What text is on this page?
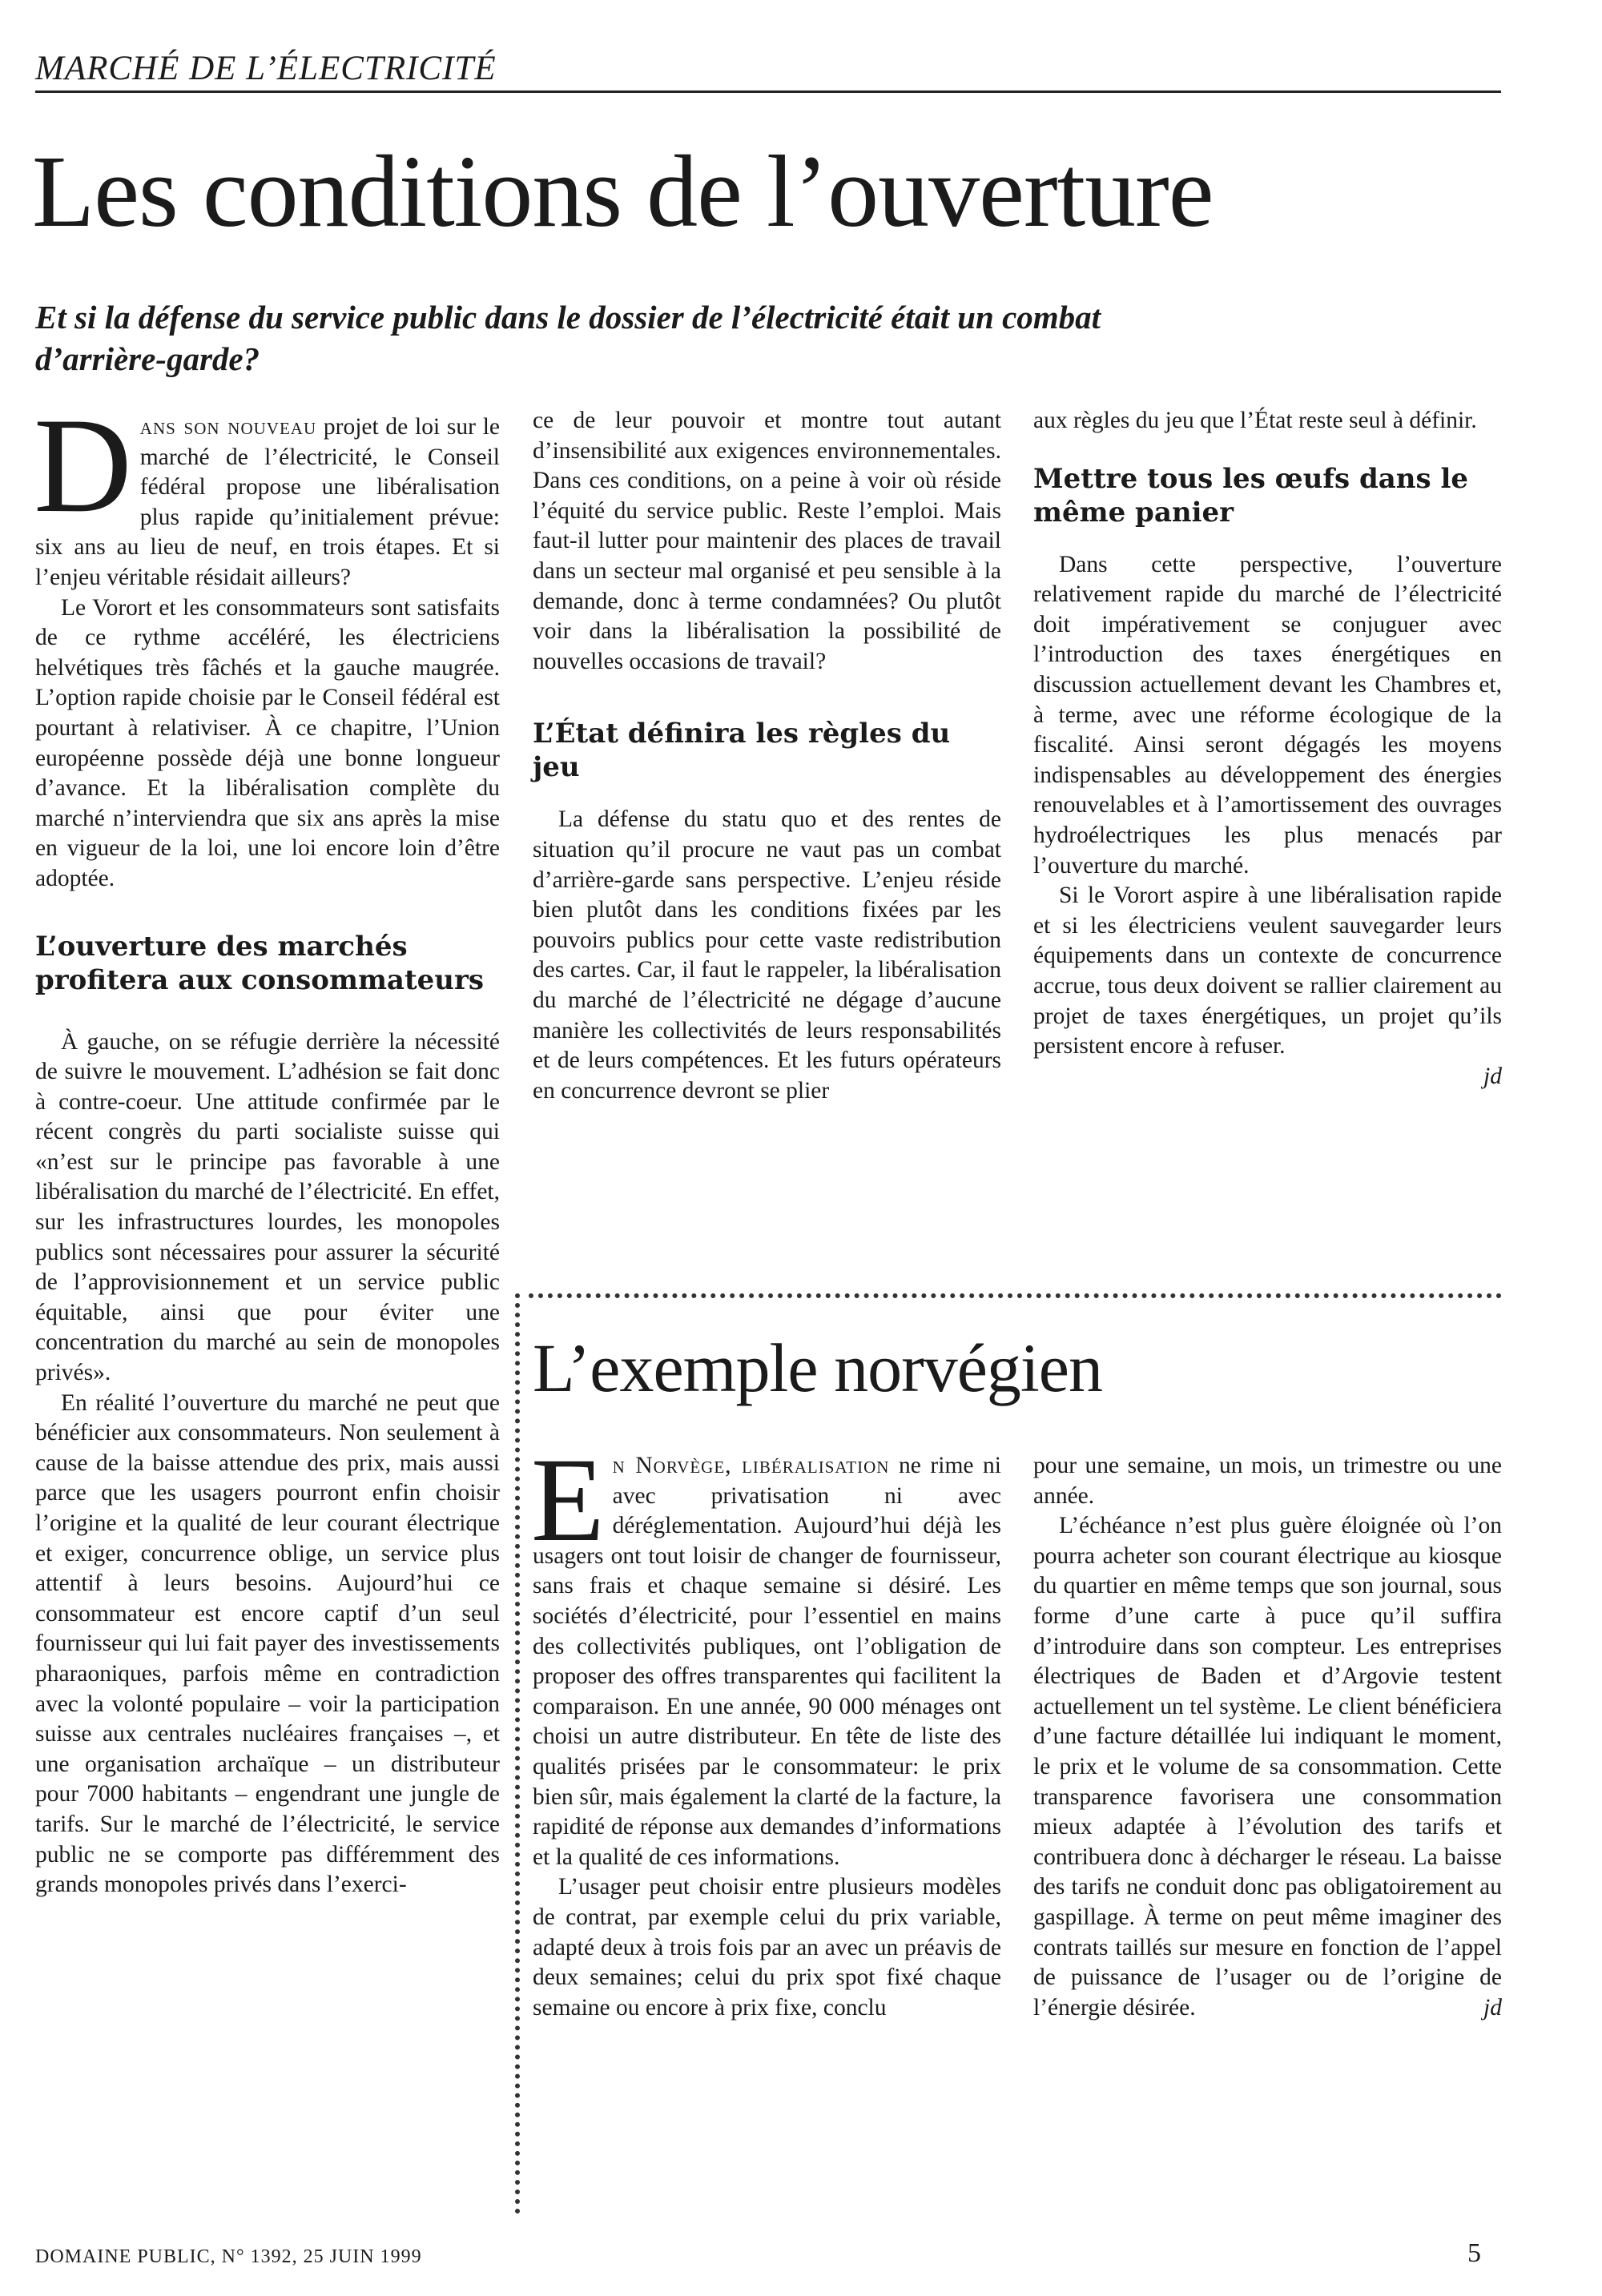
MARCHÉ DE L’ÉLECTRICITÉ
Les conditions de l’ouverture

Et si la défense du service public dans le dossier de l’électricité était un combat d’arrière-garde?

Dans son nouveau projet de loi sur le marché de l’électricité, le Conseil fédéral propose une libéralisation plus rapide qu’initialement prévue: six ans au lieu de neuf, en trois étapes. Et si l’enjeu véritable résidait ailleurs?

Le Vorort et les consommateurs sont satisfaits de ce rythme accéléré, les électriciens helvétiques très fâchés et la gauche maugrée. L’option rapide choisie par le Conseil fédéral est pourtant à relativiser. À ce chapitre, l’Union européenne possède déjà une bonne longueur d’avance. Et la libéralisation complète du marché n’interviendra que six ans après la mise en vigueur de la loi, une loi encore loin d’être adoptée.

L’ouverture des marchés profitera aux consommateurs

À gauche, on se réfugie derrière la nécessité de suivre le mouvement. L’adhésion se fait donc à contre-coeur. Une attitude confirmée par le récent congrès du parti socialiste suisse qui «n’est sur le principe pas favorable à une libéralisation du marché de l’électricité. En effet, sur les infrastructures lourdes, les monopoles publics sont nécessaires pour assurer la sécurité de l’approvisionnement et un service public équitable, ainsi que pour éviter une concentration du marché au sein de monopoles privés».

En réalité l’ouverture du marché ne peut que bénéficier aux consommateurs. Non seulement à cause de la baisse attendue des prix, mais aussi parce que les usagers pourront enfin choisir l’origine et la qualité de leur courant électrique et exiger, concurrence oblige, un service plus attentif à leurs besoins. Aujourd’hui ce consommateur est encore captif d’un seul fournisseur qui lui fait payer des investissements pharaoniques, parfois même en contradiction avec la volonté populaire – voir la participation suisse aux centrales nucléaires françaises –, et une organisation archaïque – un distributeur pour 7000 habitants – engendrant une jungle de tarifs. Sur le marché de l’électricité, le service public ne se comporte pas différemment des grands monopoles privés dans l’exerci-

ce de leur pouvoir et montre tout autant d’insensibilité aux exigences environnementales. Dans ces conditions, on a peine à voir où réside l’équité du service public. Reste l’emploi. Mais faut-il lutter pour maintenir des places de travail dans un secteur mal organisé et peu sensible à la demande, donc à terme condamnées? Ou plutôt voir dans la libéralisation la possibilité de nouvelles occasions de travail?

L’État définira les règles du jeu

La défense du statu quo et des rentes de situation qu’il procure ne vaut pas un combat d’arrière-garde sans perspective. L’enjeu réside bien plutôt dans les conditions fixées par les pouvoirs publics pour cette vaste redistribution des cartes. Car, il faut le rappeler, la libéralisation du marché de l’électricité ne dégage d’aucune manière les collectivités de leurs responsabilités et de leurs compétences. Et les futurs opérateurs en concurrence devront se plier

aux règles du jeu que l’État reste seul à définir.

Mettre tous les œufs dans le même panier

Dans cette perspective, l’ouverture relativement rapide du marché de l’électricité doit impérativement se conjuguer avec l’introduction des taxes énergétiques en discussion actuellement devant les Chambres et, à terme, avec une réforme écologique de la fiscalité. Ainsi seront dégagés les moyens indispensables au développement des énergies renouvelables et à l’amortissement des ouvrages hydroélectriques les plus menacés par l’ouverture du marché.

Si le Vorort aspire à une libéralisation rapide et si les électriciens veulent sauvegarder leurs équipements dans un contexte de concurrence accrue, tous deux doivent se rallier clairement au projet de taxes énergétiques, un projet qu’ils persistent encore à refuser.

jd
L’exemple norvégien

En Norvège, libéralisation ne rime ni avec privatisation ni avec déréglementation. Aujourd’hui déjà les usagers ont tout loisir de changer de fournisseur, sans frais et chaque semaine si désiré. Les sociétés d’électricité, pour l’essentiel en mains des collectivités publiques, ont l’obligation de proposer des offres transparentes qui facilitent la comparaison. En une année, 90 000 ménages ont choisi un autre distributeur. En tête de liste des qualités prisées par le consommateur: le prix bien sûr, mais également la clarté de la facture, la rapidité de réponse aux demandes d’informations et la qualité de ces informations.

L’usager peut choisir entre plusieurs modèles de contrat, par exemple celui du prix variable, adapté deux à trois fois par an avec un préavis de deux semaines; celui du prix spot fixé chaque semaine ou encore à prix fixe, conclu

pour une semaine, un mois, un trimestre ou une année.

L’échéance n’est plus guère éloignée où l’on pourra acheter son courant électrique au kiosque du quartier en même temps que son journal, sous forme d’une carte à puce qu’il suffira d’introduire dans son compteur. Les entreprises électriques de Baden et d’Argovie testent actuellement un tel système. Le client bénéficiera d’une facture détaillée lui indiquant le moment, le prix et le volume de sa consommation. Cette transparence favorisera une consommation mieux adaptée à l’évolution des tarifs et contribuera donc à décharger le réseau. La baisse des tarifs ne conduit donc pas obligatoirement au gaspillage. À terme on peut même imaginer des contrats taillés sur mesure en fonction de l’appel de puissance de l’usager ou de l’origine de l’énergie désirée.	jd

DOMAINE PUBLIC, N° 1392, 25 JUIN 1999	5
